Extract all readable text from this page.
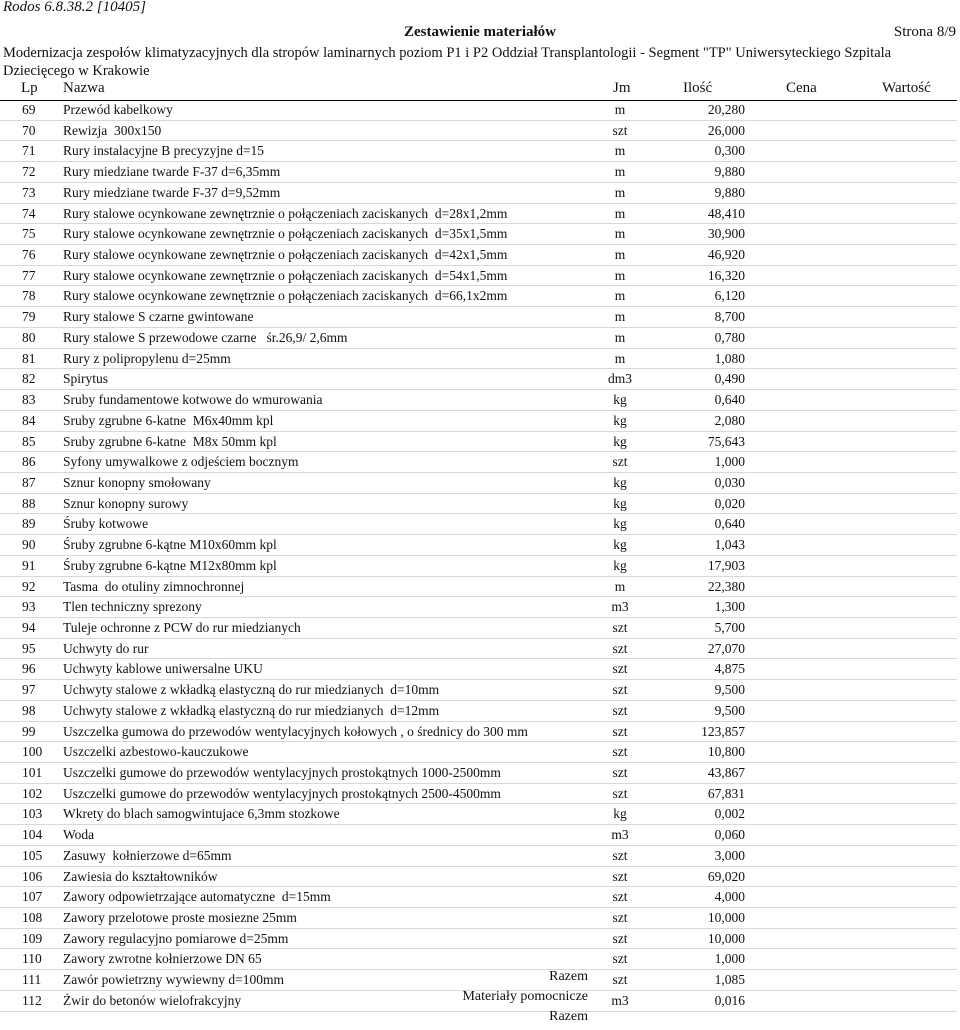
Rodos 6.8.38.2 [10405]
Zestawienie materiałów	Strona 8/9
Modernizacja zespołów klimatyzacyjnych dla stropów laminarnych poziom P1 i P2 Oddział Transplantologii - Segment "TP" Uniwersyteckiego Szpitala Dziecięcego w Krakowie
Lp Nazwa	Jm	Ilość	Cena	Wartość
69 Przewód kabelkowy	m	20,280
70 Rewizja  300x150	szt	26,000
71 Rury instalacyjne B precyzyjne d=15	m	0,300
72 Rury miedziane twarde F-37 d=6,35mm	m	9,880
73 Rury miedziane twarde F-37 d=9,52mm	m	9,880
74 Rury stalowe ocynkowane zewnętrznie o połączeniach zaciskanych  d=28x1,2mm	m	48,410
75 Rury stalowe ocynkowane zewnętrznie o połączeniach zaciskanych  d=35x1,5mm	m	30,900
76 Rury stalowe ocynkowane zewnętrznie o połączeniach zaciskanych  d=42x1,5mm	m	46,920
77 Rury stalowe ocynkowane zewnętrznie o połączeniach zaciskanych  d=54x1,5mm	m	16,320
78 Rury stalowe ocynkowane zewnętrznie o połączeniach zaciskanych  d=66,1x2mm	m	6,120
79 Rury stalowe S czarne gwintowane	m	8,700
80 Rury stalowe S przewodowe czarne   śr.26,9/ 2,6mm	m	0,780
81 Rury z polipropylenu d=25mm	m	1,080
82 Spirytus	dm3	0,490
83 Sruby fundamentowe kotwowe do wmurowania	kg	0,640
84 Sruby zgrubne 6-katne  M6x40mm kpl	kg	2,080
85 Sruby zgrubne 6-katne  M8x 50mm kpl	kg	75,643
86 Syfony umywalkowe z odjeściem bocznym	szt	1,000
87 Sznur konopny smołowany	kg	0,030
88 Sznur konopny surowy	kg	0,020
89 Śruby kotwowe	kg	0,640
90 Śruby zgrubne 6-kątne M10x60mm kpl	kg	1,043
91 Śruby zgrubne 6-kątne M12x80mm kpl	kg	17,903
92 Tasma  do otuliny zimnochronnej	m	22,380
93 Tlen techniczny sprezony	m3	1,300
94 Tuleje ochronne z PCW do rur miedzianych	szt	5,700
95 Uchwyty do rur	szt	27,070
96 Uchwyty kablowe uniwersalne UKU	szt	4,875
97 Uchwyty stalowe z wkładką elastyczną do rur miedzianych  d=10mm	szt	9,500
98 Uchwyty stalowe z wkładką elastyczną do rur miedzianych  d=12mm	szt	9,500
99 Uszczelka gumowa do przewodów wentylacyjnych kołowych , o średnicy do 300 mm	szt	123,857
100 Uszczelki azbestowo-kauczukowe	szt	10,800
101 Uszczelki gumowe do przewodów wentylacyjnych prostokątnych 1000-2500mm	szt	43,867
102 Uszczelki gumowe do przewodów wentylacyjnych prostokątnych 2500-4500mm	szt	67,831
103 Wkrety do blach samogwintujace 6,3mm stozkowe	kg	0,002
104 Woda	m3	0,060
105 Zasuwy  kołnierzowe d=65mm	szt	3,000
106 Zawiesia do kształtowników	szt	69,020
107 Zawory odpowietrzające automatyczne  d=15mm	szt	4,000
108 Zawory przelotowe proste mosiezne 25mm	szt	10,000
109 Zawory regulacyjno pomiarowe d=25mm	szt	10,000
110 Zawory zwrotne kołnierzowe DN 65	szt	1,000
111 Zawór powietrzny wywiewny d=100mm	szt	1,085
112 Żwir do betonów wielofrakcyjny	m3	0,016
Razem
Materiały pomocnicze
Razem
